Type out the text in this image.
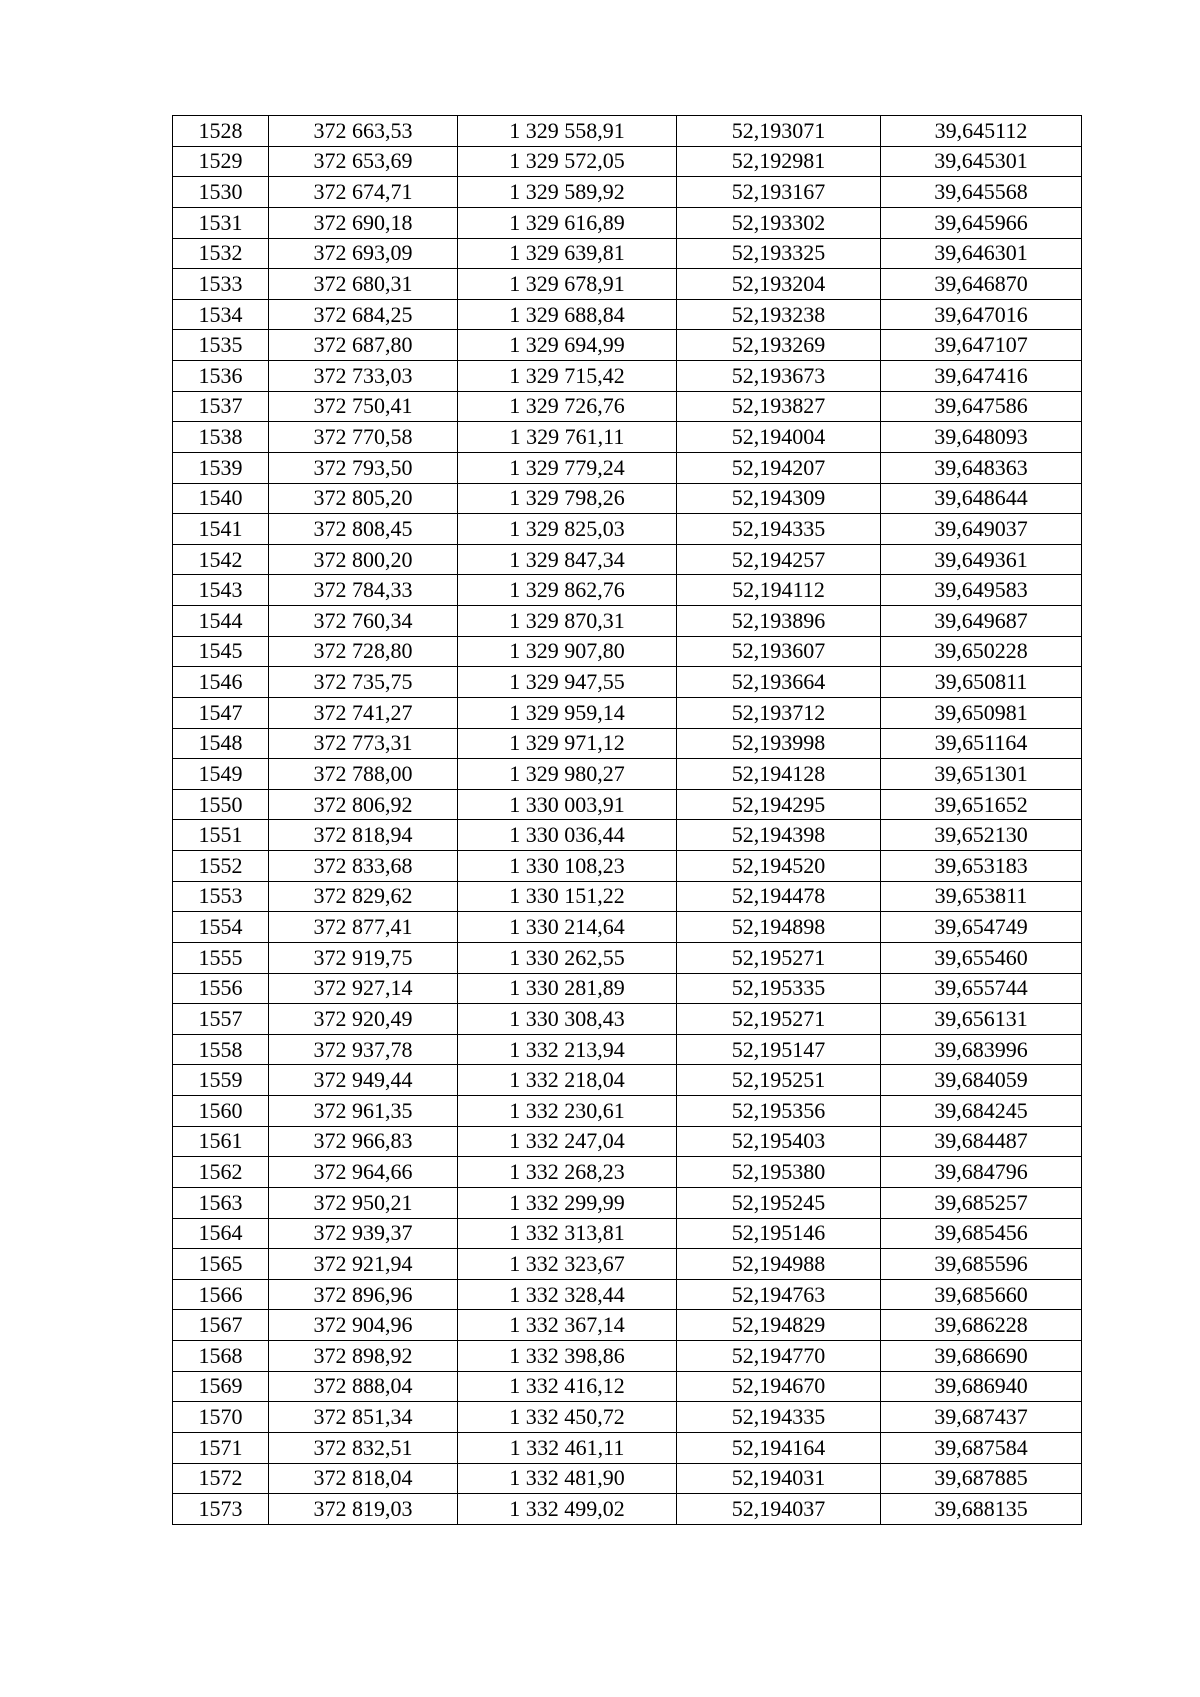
1528	372 663,53	1 329 558,91	52,193071	39,645112
1529	372 653,69	1 329 572,05	52,192981	39,645301
1530	372 674,71	1 329 589,92	52,193167	39,645568
1531	372 690,18	1 329 616,89	52,193302	39,645966
1532	372 693,09	1 329 639,81	52,193325	39,646301
1533	372 680,31	1 329 678,91	52,193204	39,646870
1534	372 684,25	1 329 688,84	52,193238	39,647016
1535	372 687,80	1 329 694,99	52,193269	39,647107
1536	372 733,03	1 329 715,42	52,193673	39,647416
1537	372 750,41	1 329 726,76	52,193827	39,647586
1538	372 770,58	1 329 761,11	52,194004	39,648093
1539	372 793,50	1 329 779,24	52,194207	39,648363
1540	372 805,20	1 329 798,26	52,194309	39,648644
1541	372 808,45	1 329 825,03	52,194335	39,649037
1542	372 800,20	1 329 847,34	52,194257	39,649361
1543	372 784,33	1 329 862,76	52,194112	39,649583
1544	372 760,34	1 329 870,31	52,193896	39,649687
1545	372 728,80	1 329 907,80	52,193607	39,650228
1546	372 735,75	1 329 947,55	52,193664	39,650811
1547	372 741,27	1 329 959,14	52,193712	39,650981
1548	372 773,31	1 329 971,12	52,193998	39,651164
1549	372 788,00	1 329 980,27	52,194128	39,651301
1550	372 806,92	1 330 003,91	52,194295	39,651652
1551	372 818,94	1 330 036,44	52,194398	39,652130
1552	372 833,68	1 330 108,23	52,194520	39,653183
1553	372 829,62	1 330 151,22	52,194478	39,653811
1554	372 877,41	1 330 214,64	52,194898	39,654749
1555	372 919,75	1 330 262,55	52,195271	39,655460
1556	372 927,14	1 330 281,89	52,195335	39,655744
1557	372 920,49	1 330 308,43	52,195271	39,656131
1558	372 937,78	1 332 213,94	52,195147	39,683996
1559	372 949,44	1 332 218,04	52,195251	39,684059
1560	372 961,35	1 332 230,61	52,195356	39,684245
1561	372 966,83	1 332 247,04	52,195403	39,684487
1562	372 964,66	1 332 268,23	52,195380	39,684796
1563	372 950,21	1 332 299,99	52,195245	39,685257
1564	372 939,37	1 332 313,81	52,195146	39,685456
1565	372 921,94	1 332 323,67	52,194988	39,685596
1566	372 896,96	1 332 328,44	52,194763	39,685660
1567	372 904,96	1 332 367,14	52,194829	39,686228
1568	372 898,92	1 332 398,86	52,194770	39,686690
1569	372 888,04	1 332 416,12	52,194670	39,686940
1570	372 851,34	1 332 450,72	52,194335	39,687437
1571	372 832,51	1 332 461,11	52,194164	39,687584
1572	372 818,04	1 332 481,90	52,194031	39,687885
1573	372 819,03	1 332 499,02	52,194037	39,688135
